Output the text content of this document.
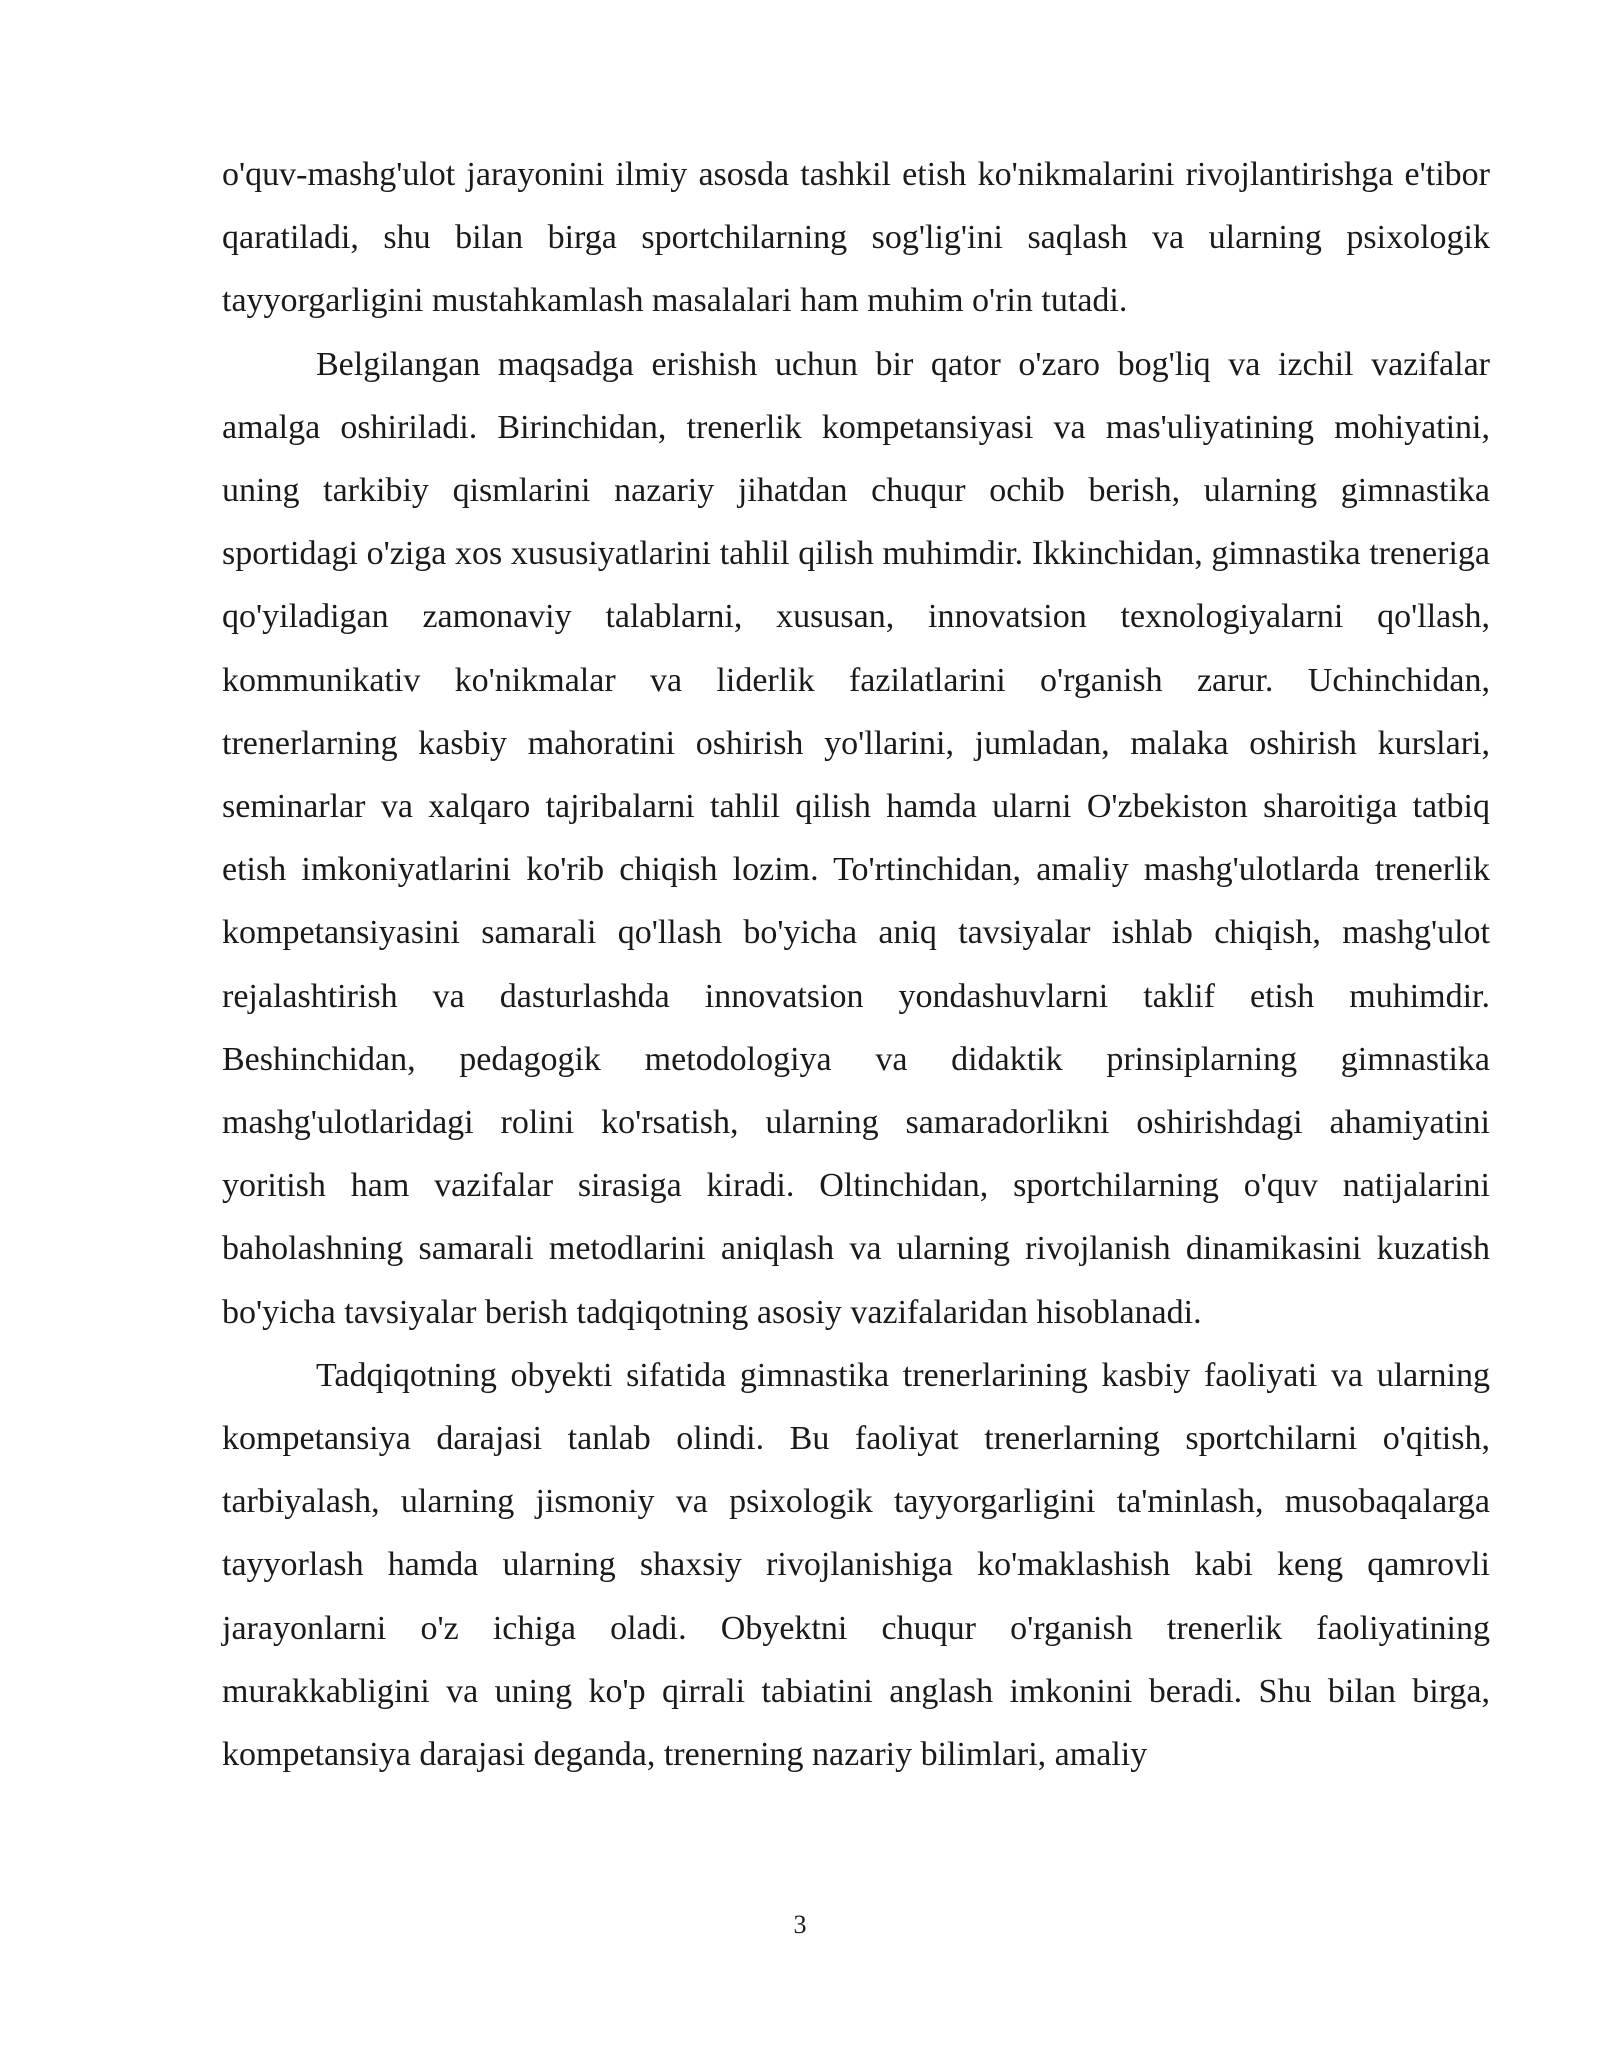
o'quv-mashg'ulot jarayonini ilmiy asosda tashkil etish ko'nikmalarini rivojlantirishga e'tibor qaratiladi, shu bilan birga sportchilarning sog'lig'ini saqlash va ularning psixologik tayyorgarligini mustahkamlash masalalari ham muhim o'rin tutadi.

Belgilangan maqsadga erishish uchun bir qator o'zaro bog'liq va izchil vazifalar amalga oshiriladi. Birinchidan, trenerlik kompetansiyasi va mas'uliyatining mohiyatini, uning tarkibiy qismlarini nazariy jihatdan chuqur ochib berish, ularning gimnastika sportidagi o'ziga xos xususiyatlarini tahlil qilish muhimdir. Ikkinchidan, gimnastika treneriga qo'yiladigan zamonaviy talablarni, xususan, innovatsion texnologiyalarni qo'llash, kommunikativ ko'nikmalar va liderlik fazilatlarini o'rganish zarur. Uchinchidan, trenerlarning kasbiy mahoratini oshirish yo'llarini, jumladan, malaka oshirish kurslari, seminarlar va xalqaro tajribalarni tahlil qilish hamda ularni O'zbekiston sharoitiga tatbiq etish imkoniyatlarini ko'rib chiqish lozim. To'rtinchidan, amaliy mashg'ulotlarda trenerlik kompetansiyasini samarali qo'llash bo'yicha aniq tavsiyalar ishlab chiqish, mashg'ulot rejalashtirish va dasturlashda innovatsion yondashuvlarni taklif etish muhimdir. Beshinchidan, pedagogik metodologiya va didaktik prinsiplarning gimnastika mashg'ulotlaridagi rolini ko'rsatish, ularning samaradorlikni oshirishdagi ahamiyatini yoritish ham vazifalar sirasiga kiradi. Oltinchidan, sportchilarning o'quv natijalarini baholashning samarali metodlarini aniqlash va ularning rivojlanish dinamikasini kuzatish bo'yicha tavsiyalar berish tadqiqotning asosiy vazifalaridan hisoblanadi.

Tadqiqotning obyekti sifatida gimnastika trenerlarining kasbiy faoliyati va ularning kompetansiya darajasi tanlab olindi. Bu faoliyat trenerlarning sportchilarni o'qitish, tarbiyalash, ularning jismoniy va psixologik tayyorgarligini ta'minlash, musobaqalarga tayyorlash hamda ularning shaxsiy rivojlanishiga ko'maklashish kabi keng qamrovli jarayonlarni o'z ichiga oladi. Obyektni chuqur o'rganish trenerlik faoliyatining murakkabligini va uning ko'p qirrali tabiatini anglash imkonini beradi. Shu bilan birga, kompetansiya darajasi deganda, trenerning nazariy bilimlari, amaliy

3
